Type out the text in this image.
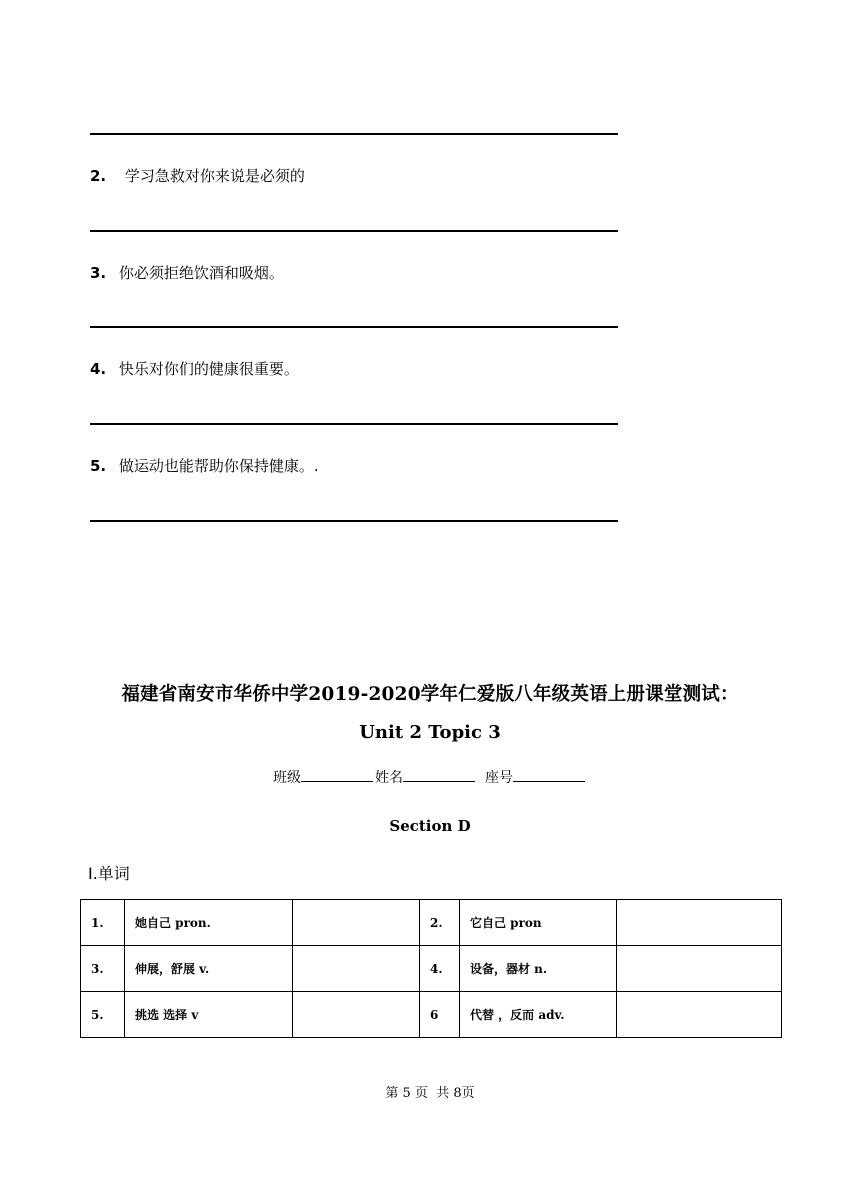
2. 学习急救对你来说是必须的
3. 你必须拒绝饮酒和吸烟。
4. 快乐对你们的健康很重要。
5. 做运动也能帮助你保持健康。.
福建省南安市华侨中学2019-2020学年仁爱版八年级英语上册课堂测试：
Unit 2 Topic 3
班级	姓名	座号
Section D
Ⅰ.单词
1.	她自己 pron.		2.	它自己 pron	
3.	伸展，舒展 v.		4.	设备，器材 n.	
5.	挑选 选择 v		6	代替 ，反而 adv.	
第 5 页  共 8页
